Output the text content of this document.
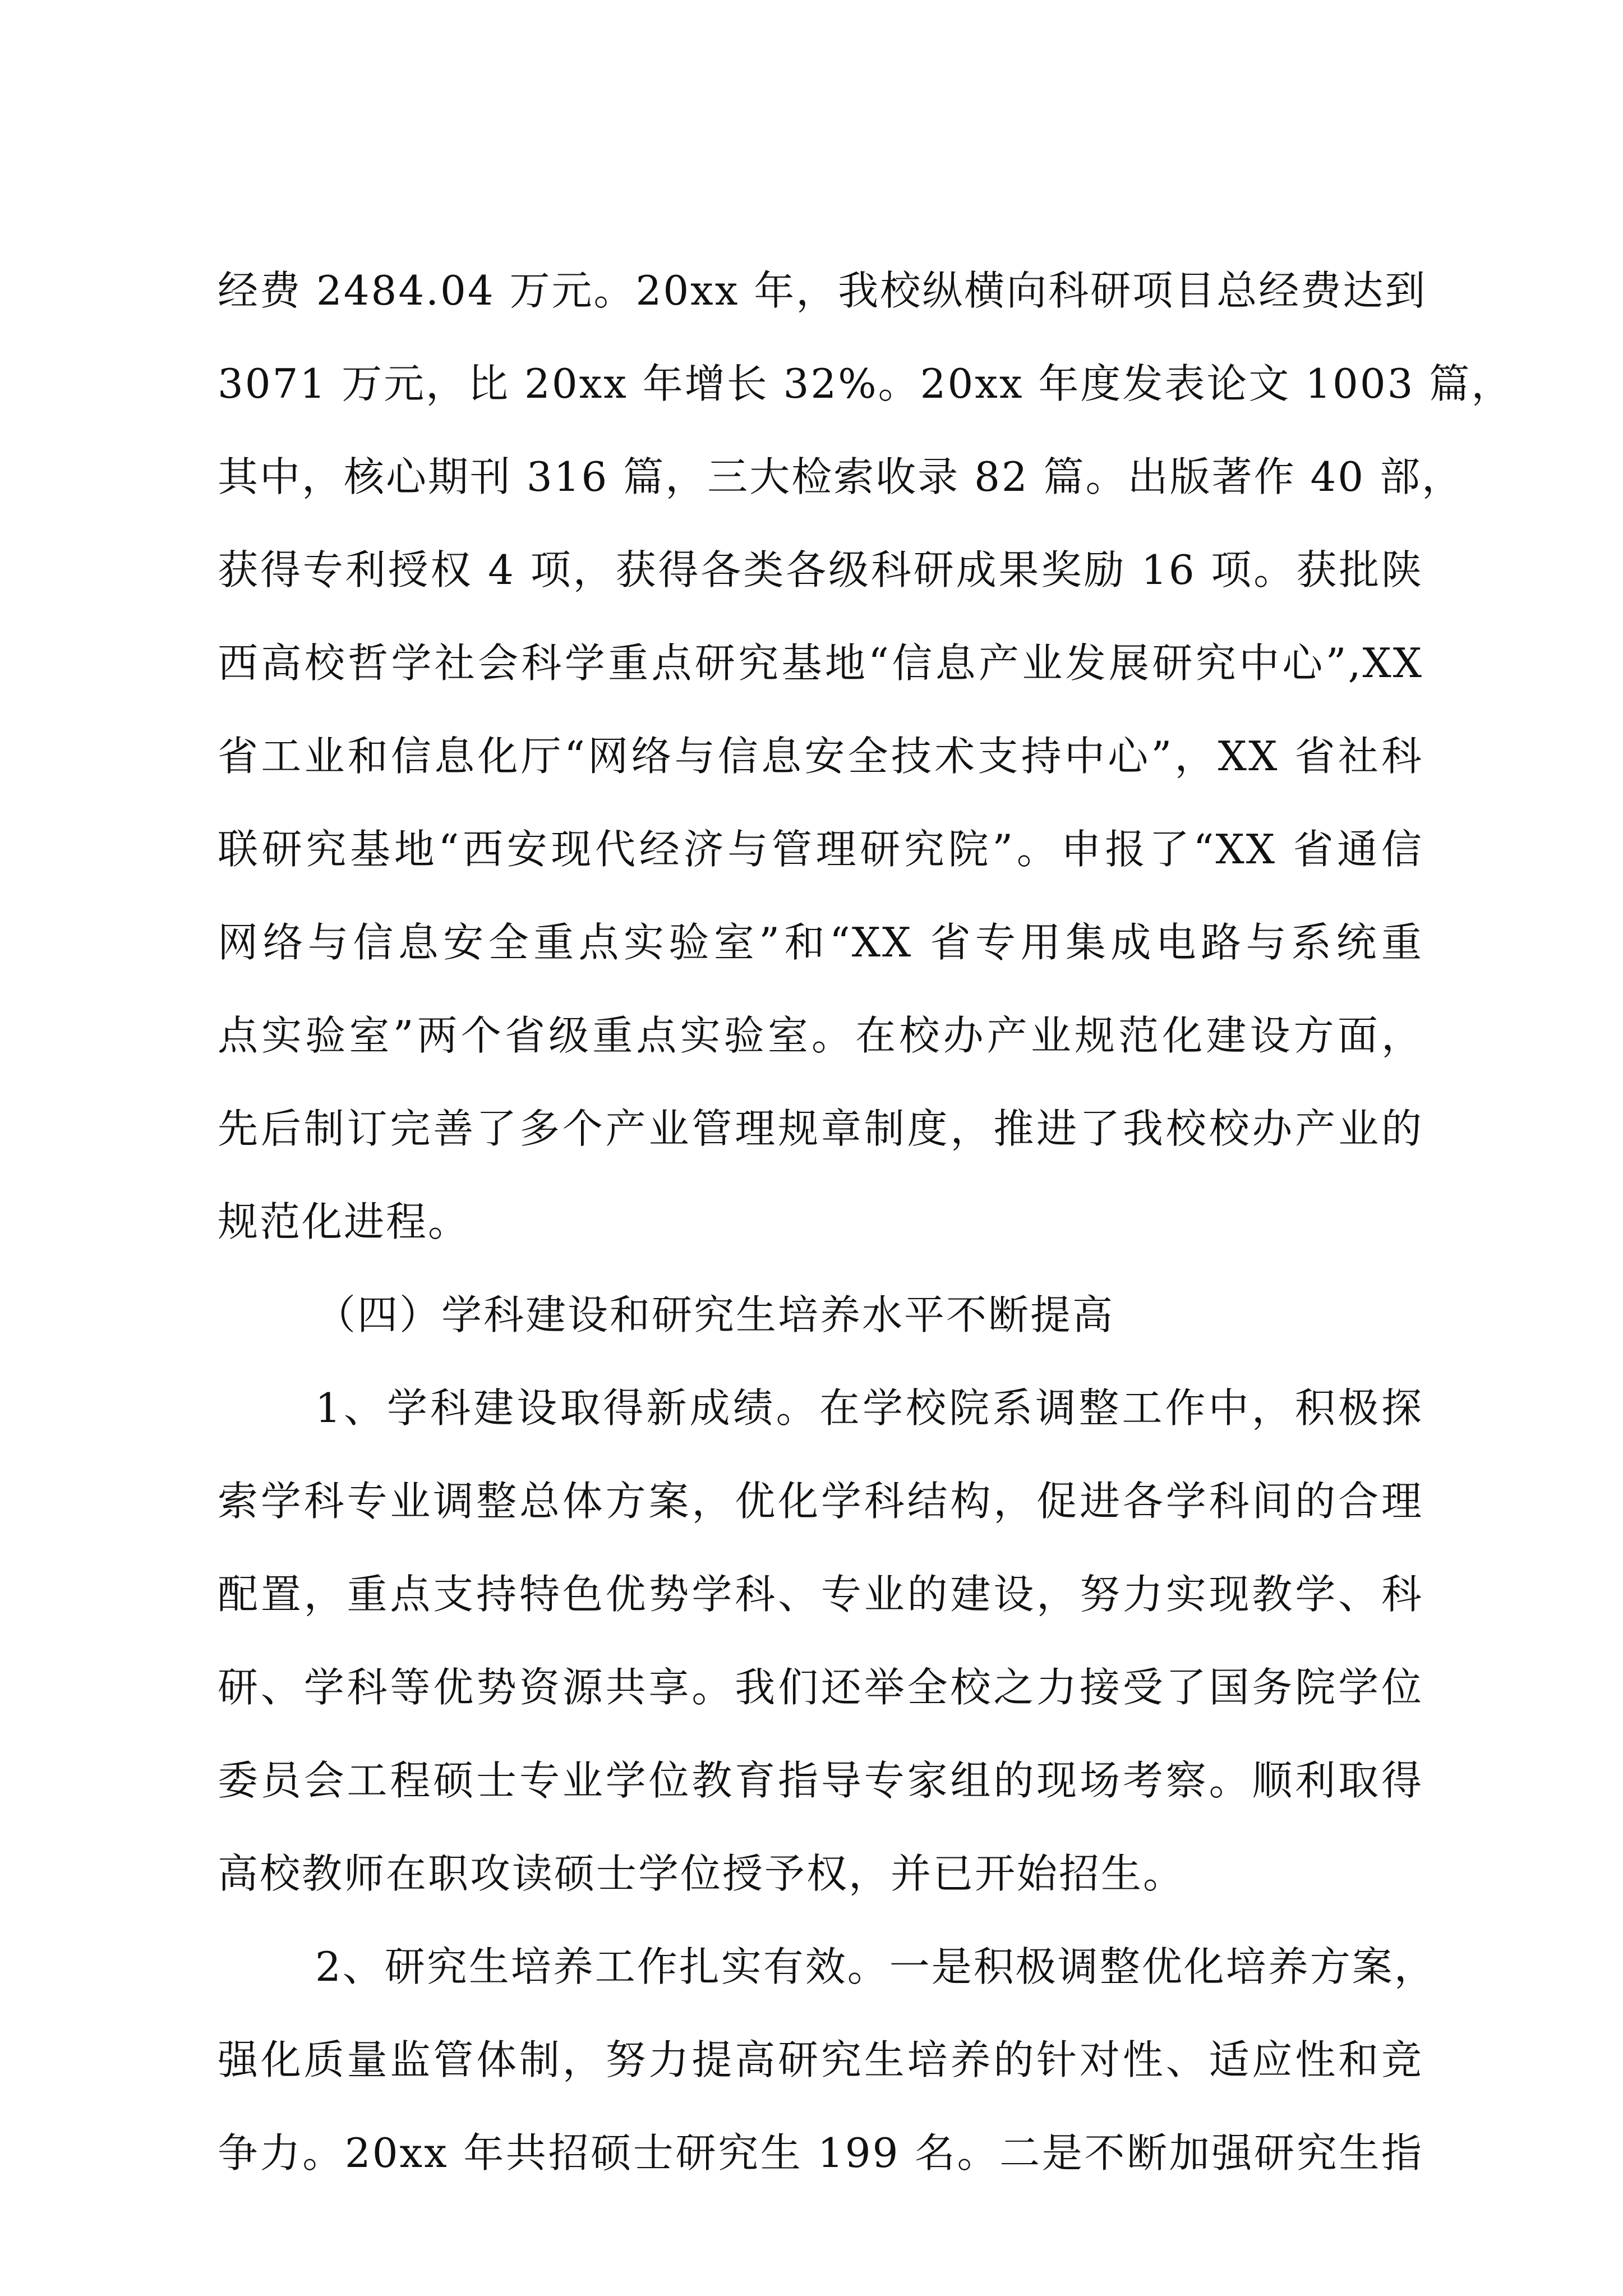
经费 2484.04 万元。20xx 年，我校纵横向科研项目总经费达到
3071 万元，比 20xx 年增长 32%。20xx 年度发表论文 1003 篇，
其中，核心期刊 316 篇，三大检索收录 82 篇。出版著作 40 部，
获得专利授权 4 项，获得各类各级科研成果奖励 16 项。获批陕
西高校哲学社会科学重点研究基地“信息产业发展研究中心”,XX
省工业和信息化厅“网络与信息安全技术支持中心”，XX 省社科
联研究基地“西安现代经济与管理研究院”。申报了“XX 省通信
网络与信息安全重点实验室”和“XX 省专用集成电路与系统重
点实验室”两个省级重点实验室。在校办产业规范化建设方面，
先后制订完善了多个产业管理规章制度，推进了我校校办产业的
规范化进程。
（四）学科建设和研究生培养水平不断提高
1、学科建设取得新成绩。在学校院系调整工作中，积极探
索学科专业调整总体方案，优化学科结构，促进各学科间的合理
配置，重点支持特色优势学科、专业的建设，努力实现教学、科
研、学科等优势资源共享。我们还举全校之力接受了国务院学位
委员会工程硕士专业学位教育指导专家组的现场考察。顺利取得
高校教师在职攻读硕士学位授予权，并已开始招生。
2、研究生培养工作扎实有效。一是积极调整优化培养方案，
强化质量监管体制，努力提高研究生培养的针对性、适应性和竞
争力。20xx 年共招硕士研究生 199 名。二是不断加强研究生指
